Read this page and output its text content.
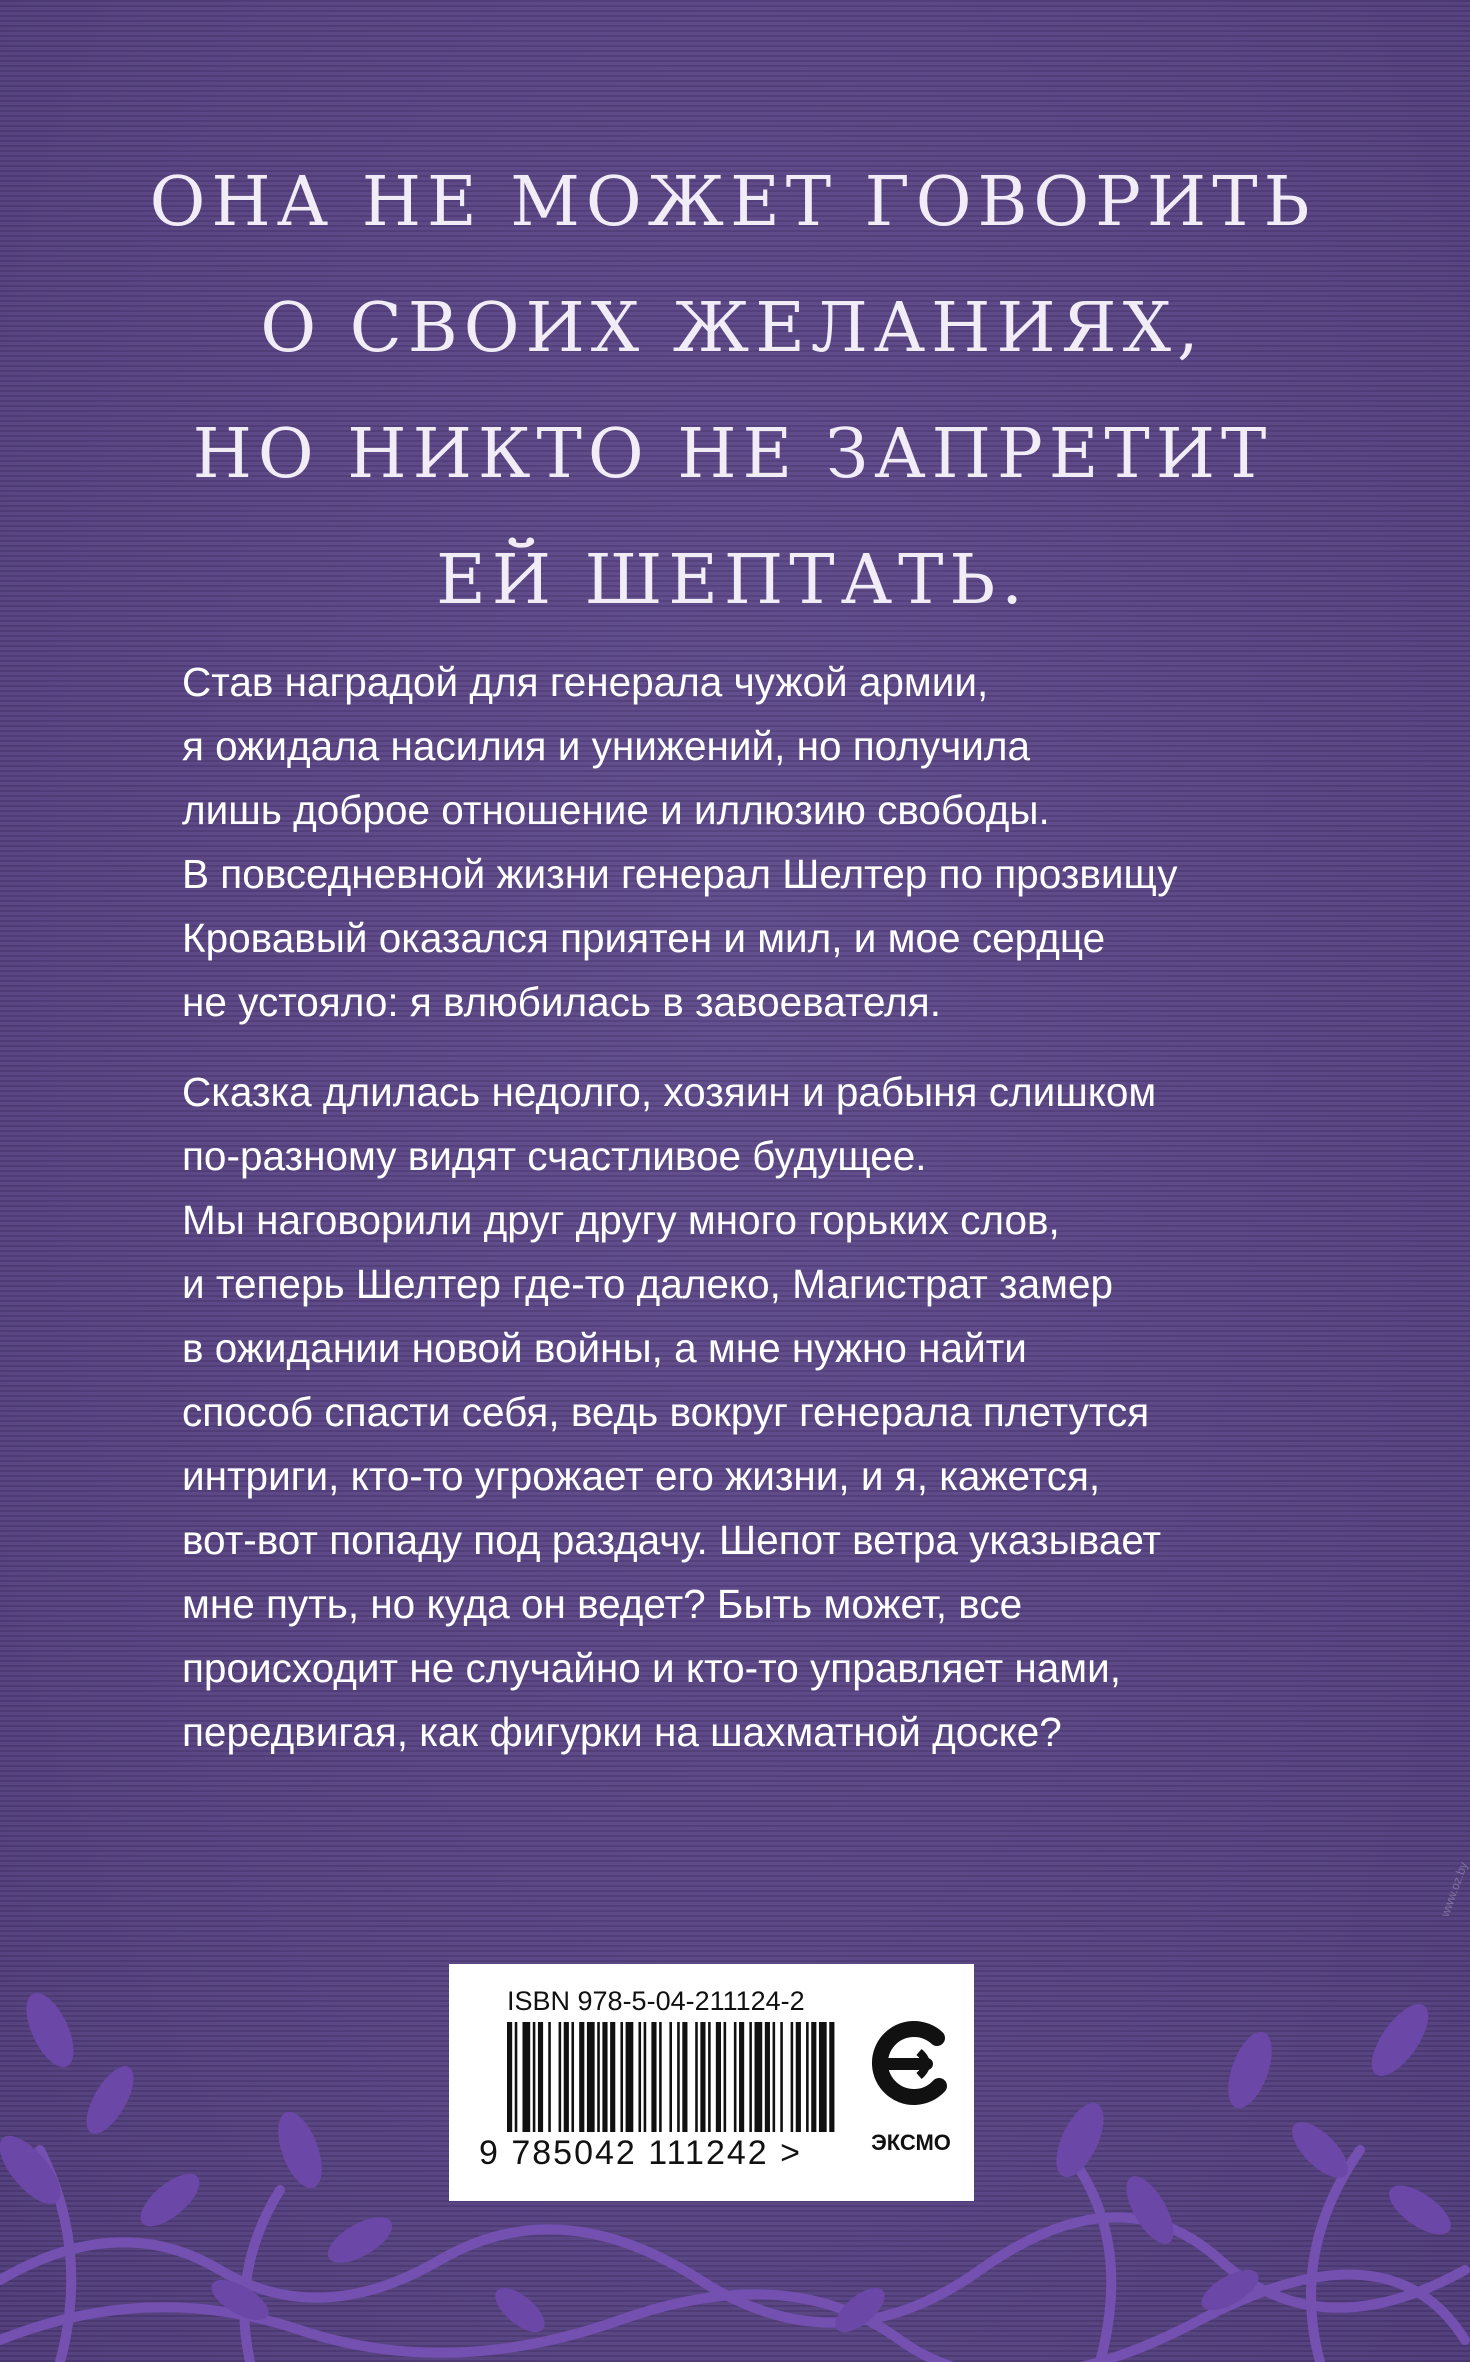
ОНА НЕ МОЖЕТ ГОВОРИТЬ
О СВОИХ ЖЕЛАНИЯХ,
НО НИКТО НЕ ЗАПРЕТИТ
ЕЙ ШЕПТАТЬ.
Став наградой для генерала чужой армии,
я ожидала насилия и унижений, но получила
лишь доброе отношение и иллюзию свободы.
В повседневной жизни генерал Шелтер по прозвищу
Кровавый оказался приятен и мил, и мое сердце
не устояло: я влюбилась в завоевателя.
Сказка длилась недолго, хозяин и рабыня слишком
по-разному видят счастливое будущее.
Мы наговорили друг другу много горьких слов,
и теперь Шелтер где-то далеко, Магистрат замер
в ожидании новой войны, а мне нужно найти
способ спасти себя, ведь вокруг генерала плетутся
интриги, кто-то угрожает его жизни, и я, кажется,
вот-вот попаду под раздачу. Шепот ветра указывает
мне путь, но куда он ведет? Быть может, все
происходит не случайно и кто-то управляет нами,
передвигая, как фигурки на шахматной доске?
ISBN 978-5-04-211124-2
9 785042 111242 >	ЭКСМО
www.oz.by
